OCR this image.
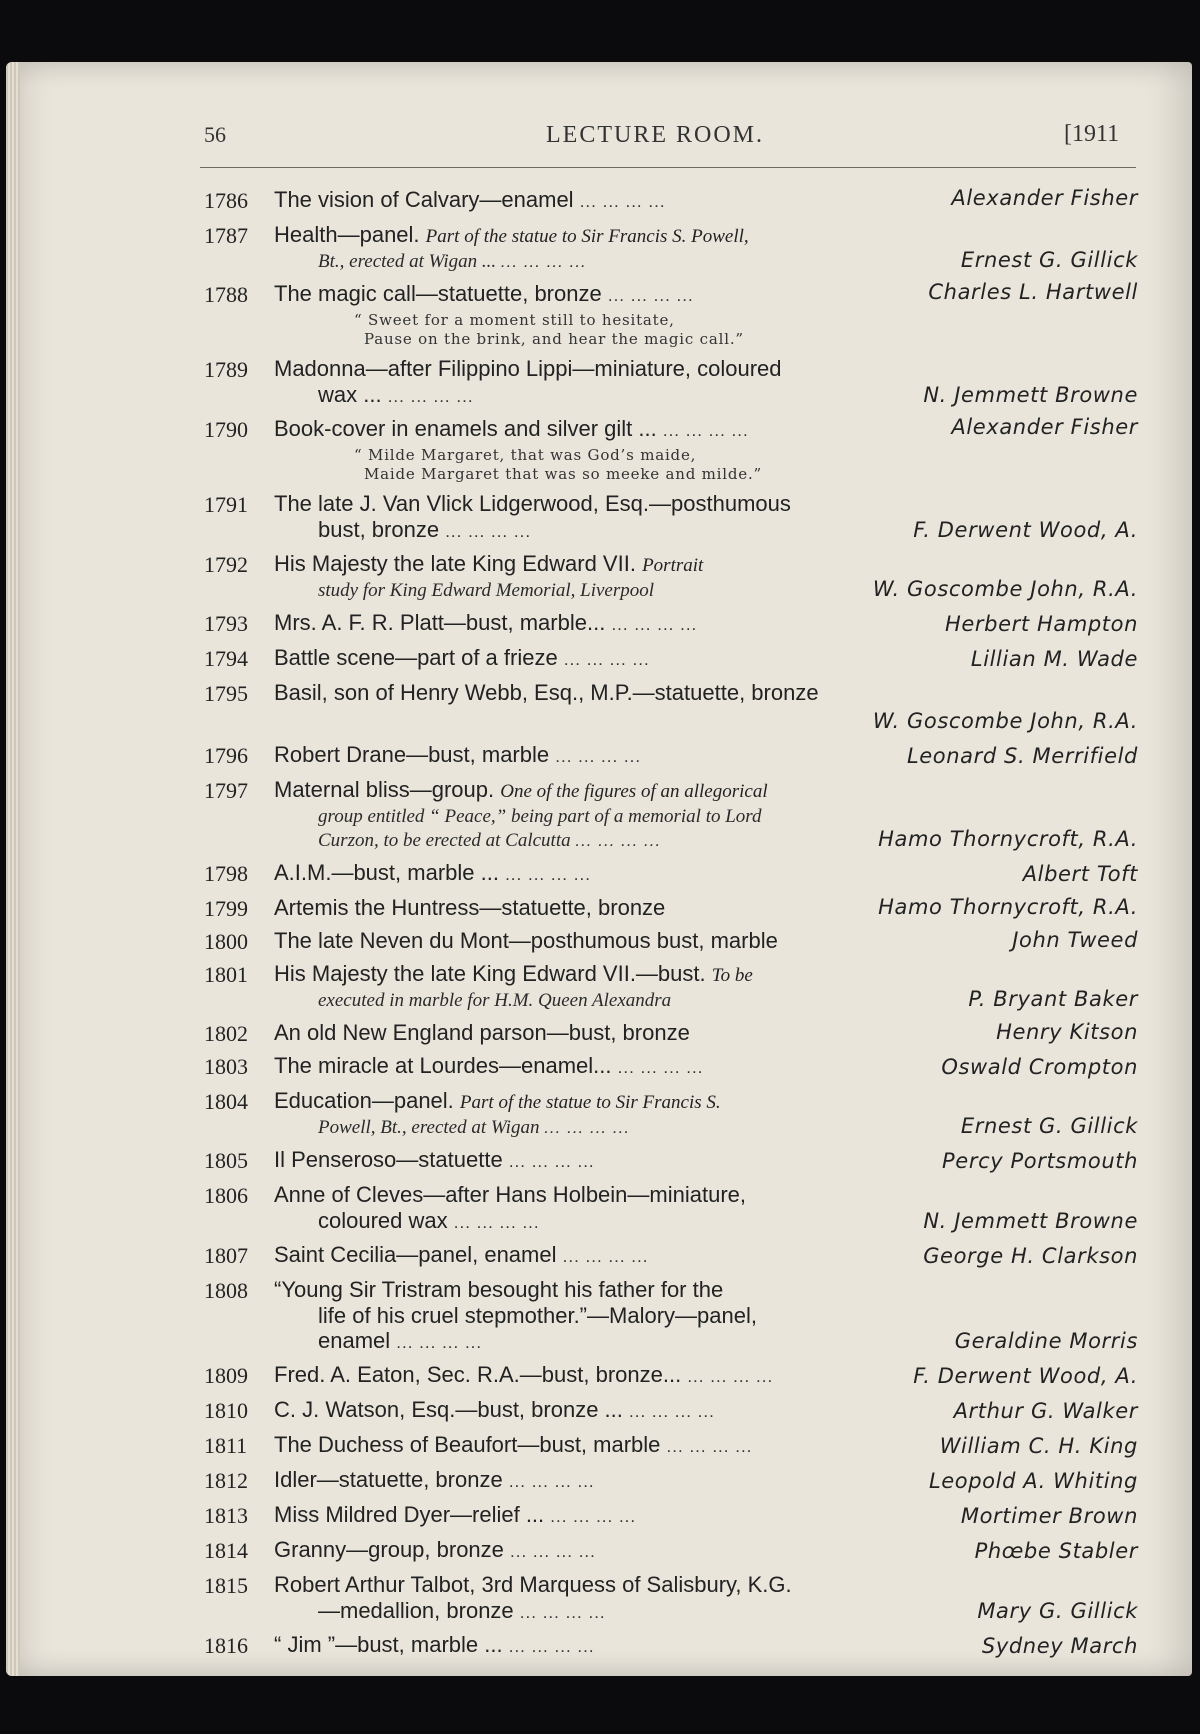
56	LECTURE ROOM.	[1911
1786	The vision of Calvary—enamel ... ... ... ...	Alexander Fisher
1787	Health—panel. Part of the statue to Sir Francis S. Powell,
Bt., erected at Wigan ... ... ... ... ...	Ernest G. Gillick
1788	The magic call—statuette, bronze ... ... ... ...	Charles L. Hartwell
“ Sweet for a moment still to hesitate,
Pause on the brink, and hear the magic call.”
1789	Madonna—after Filippino Lippi—miniature, coloured
wax ... ... ... ... ...	N. Jemmett Browne
1790	Book-cover in enamels and silver gilt ... ... ... ... ...	Alexander Fisher
“ Milde Margaret, that was God’s maide,
Maide Margaret that was so meeke and milde.”
1791	The late J. Van Vlick Lidgerwood, Esq.—posthumous
bust, bronze ... ... ... ...	F. Derwent Wood, A.
1792	His Majesty the late King Edward VII. Portrait
study for King Edward Memorial, Liverpool	W. Goscombe John, R.A.
1793	Mrs. A. F. R. Platt—bust, marble... ... ... ... ...	Herbert Hampton
1794	Battle scene—part of a frieze ... ... ... ...	Lillian M. Wade
1795	Basil, son of Henry Webb, Esq., M.P.—statuette, bronze
W. Goscombe John, R.A.
1796	Robert Drane—bust, marble ... ... ... ...	Leonard S. Merrifield
1797	Maternal bliss—group. One of the figures of an allegorical
group entitled “ Peace,” being part of a memorial to Lord
Curzon, to be erected at Calcutta ... ... ... ...	Hamo Thornycroft, R.A.
1798	A.I.M.—bust, marble ... ... ... ... ...	Albert Toft
1799	Artemis the Huntress—statuette, bronze	Hamo Thornycroft, R.A.
1800	The late Neven du Mont—posthumous bust, marble	John Tweed
1801	His Majesty the late King Edward VII.—bust. To be
executed in marble for H.M. Queen Alexandra	P. Bryant Baker
1802	An old New England parson—bust, bronze	Henry Kitson
1803	The miracle at Lourdes—enamel... ... ... ... ...	Oswald Crompton
1804	Education—panel. Part of the statue to Sir Francis S.
Powell, Bt., erected at Wigan ... ... ... ...	Ernest G. Gillick
1805	Il Penseroso—statuette ... ... ... ...	Percy Portsmouth
1806	Anne of Cleves—after Hans Holbein—miniature,
coloured wax ... ... ... ...	N. Jemmett Browne
1807	Saint Cecilia—panel, enamel ... ... ... ...	George H. Clarkson
1808	“Young Sir Tristram besought his father for the
life of his cruel stepmother.”—Malory—panel,
enamel ... ... ... ...	Geraldine Morris
1809	Fred. A. Eaton, Sec. R.A.—bust, bronze... ... ... ... ...	F. Derwent Wood, A.
1810	C. J. Watson, Esq.—bust, bronze ... ... ... ... ...	Arthur G. Walker
1811	The Duchess of Beaufort—bust, marble ... ... ... ...	William C. H. King
1812	Idler—statuette, bronze ... ... ... ...	Leopold A. Whiting
1813	Miss Mildred Dyer—relief ... ... ... ... ...	Mortimer Brown
1814	Granny—group, bronze ... ... ... ...	Phœbe Stabler
1815	Robert Arthur Talbot, 3rd Marquess of Salisbury, K.G.
—medallion, bronze ... ... ... ...	Mary G. Gillick
1816	“ Jim ”—bust, marble ... ... ... ... ...	Sydney March
